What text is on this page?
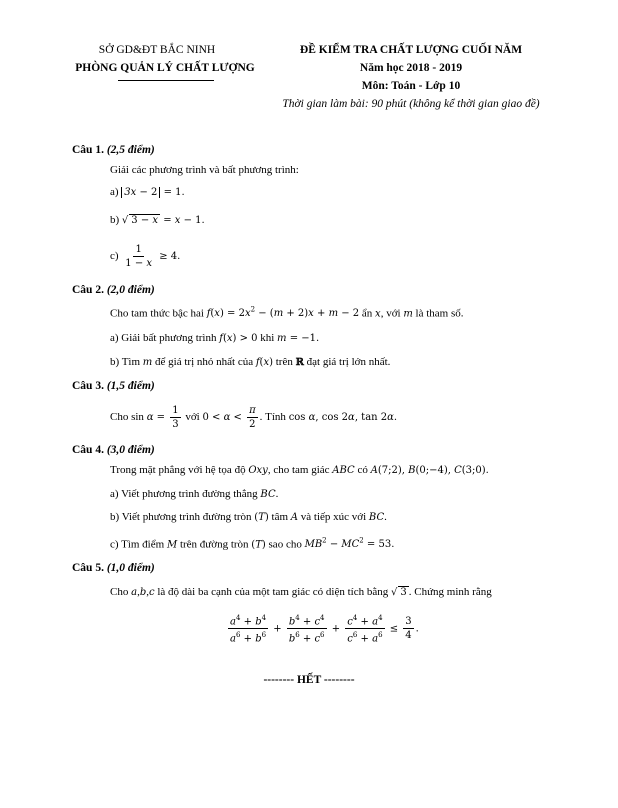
SỞ GD&ĐT BẮC NINH
PHÒNG QUẢN LÝ CHẤT LƯỢNG
ĐỀ KIỂM TRA CHẤT LƯỢNG CUỐI NĂM
Năm học 2018 - 2019
Môn: Toán - Lớp 10
Thời gian làm bài: 90 phút (không kể thời gian giao đề)
Câu 1. (2,5 điểm)
Giải các phương trình và bất phương trình:
a) 3x − 2 = 1.
b) √ 3 − x = x − 1.
$c) \frac{1}{1 - x} \ge 4$.
Câu 2. (2,0 điểm)
Cho tam thức bậc hai $f(x) = 2x^2 - (m + 2)x + m - 2$ ẩn x, với m là tham số.
a) Giải bất phương trình f(x) > 0 khi m = −1.
b) Tìm m để giá trị nhỏ nhất của f(x) trên ℝ đạt giá trị lớn nhất.
Câu 3. (1,5 điểm)
Cho $\sin \alpha = \frac{1}{3}$ với $0 < \alpha < \frac{\pi}{2}$ . Tính cos α, cos 2α, tan 2α.
Câu 4. (3,0 điểm)
Trong mặt phẳng với hệ tọa độ Oxy, cho tam giác ABC có A(7;2), B(0;−4), C(3;0).
a) Viết phương trình đường thẳng BC.
b) Viết phương trình đường tròn (T) tâm A và tiếp xúc với BC.
c) Tìm điểm M trên đường tròn (T) sao cho $MB^2 - MC^2 = 53$.
Câu 5. (1,0 điểm)
Cho a,b,c là độ dài ba cạnh của một tam giác có diện tích bằng √ 3 . Chứng minh rằng
$\frac{a^4 + b^4}{a^6 + b^6} + \frac{b^4 + c^4}{b^6 + c^6} + \frac{c^4 + a^4}{c^6 + a^6} \le \frac{3}{4}$ .
-------- HẾT --------
